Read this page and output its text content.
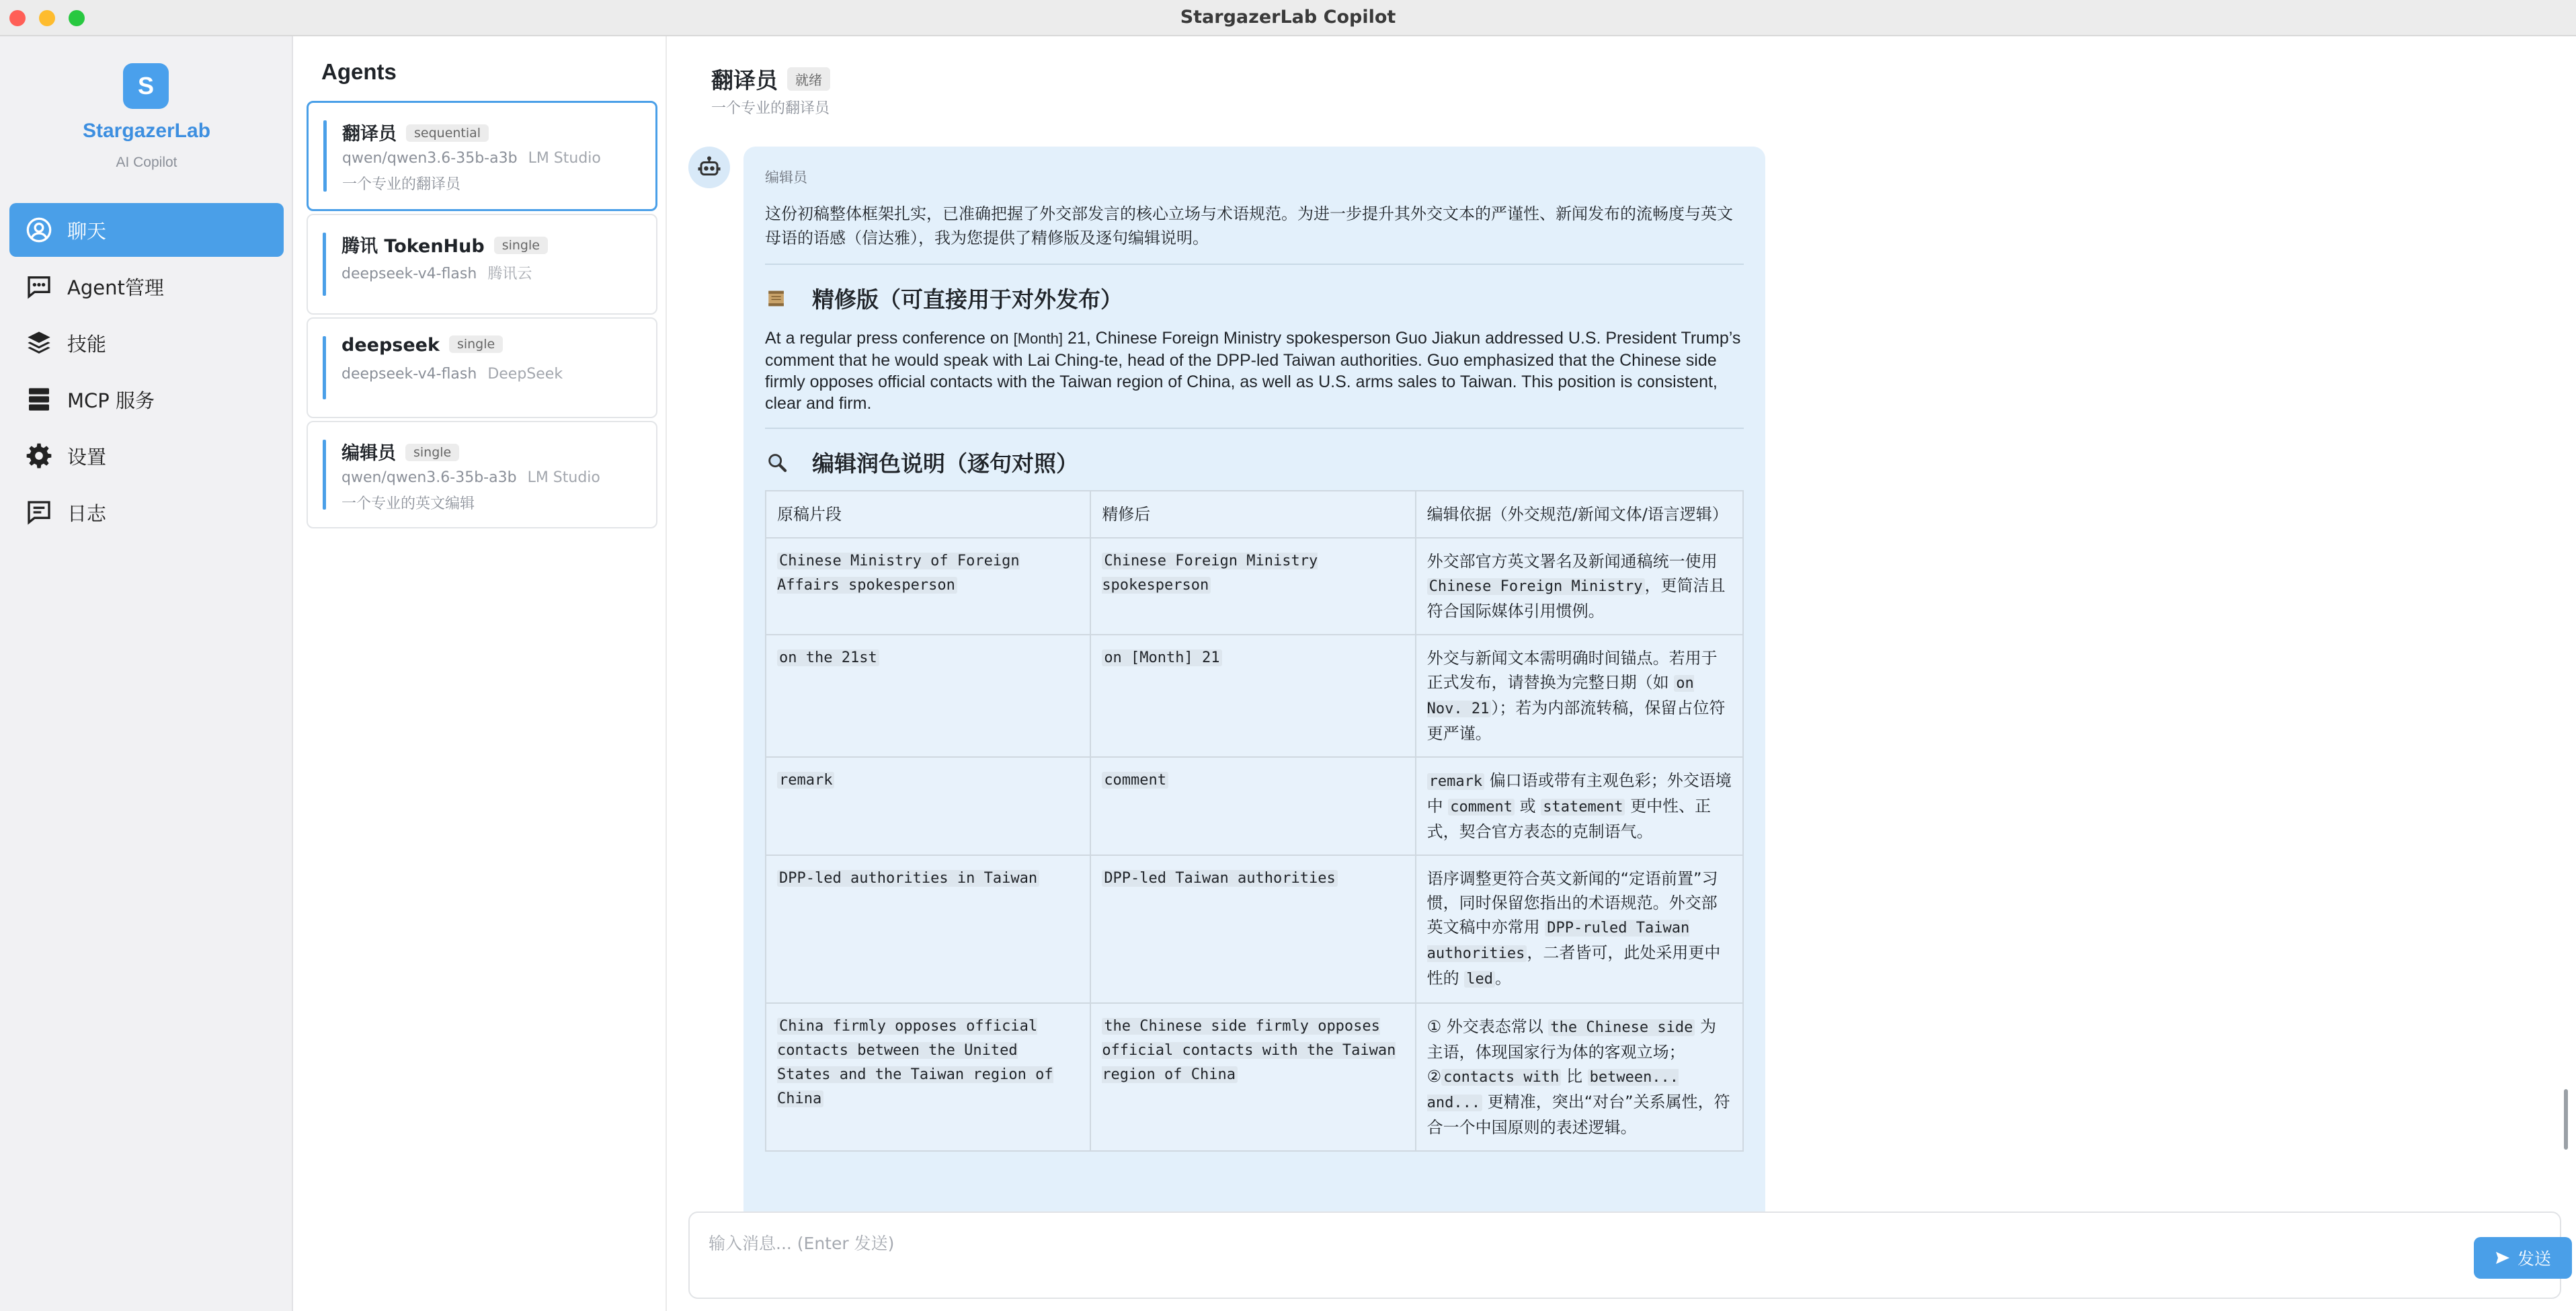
StargazerLab Copilot
S
StargazerLab
AI Copilot
聊天
Agent管理
技能
MCP 服务
设置
日志
Agents
翻译员 sequential
qwen/qwen3.6-35b-a3b LM Studio
一个专业的翻译员
腾讯 TokenHub single
deepseek-v4-flash 腾讯云
deepseek single
deepseek-v4-flash DeepSeek
编辑员 single
qwen/qwen3.6-35b-a3b LM Studio
一个专业的英文编辑
翻译员 就绪
一个专业的翻译员
编辑员
这份初稿整体框架扎实，已准确把握了外交部发言的核心立场与术语规范。为进一步提升其外交文本的严谨性、新闻发布的流畅度与英文母语的语感（信达雅），我为您提供了精修版及逐句编辑说明。
精修版（可直接用于对外发布）
At a regular press conference on [Month] 21, Chinese Foreign Ministry spokesperson Guo Jiakun addressed U.S. President Trump’s comment that he would speak with Lai Ching-te, head of the DPP-led Taiwan authorities. Guo emphasized that the Chinese side firmly opposes official contacts with the Taiwan region of China, as well as U.S. arms sales to Taiwan. This position is consistent, clear and firm.
编辑润色说明（逐句对照）
原稿片段	精修后	编辑依据（外交规范/新闻文体/语言逻辑）
Chinese Ministry of Foreign Affairs spokesperson	Chinese Foreign Ministry spokesperson	外交部官方英文署名及新闻通稿统一使用 Chinese Foreign Ministry ，更简洁且符合国际媒体引用惯例。
on the 21st	on [Month] 21	外交与新闻文本需明确时间锚点。若用于正式发布，请替换为完整日期（如 on Nov. 21 ）；若为内部流转稿，保留占位符更严谨。
remark	comment	remark 偏口语或带有主观色彩；外交语境中 comment 或 statement 更中性、正式，契合官方表态的克制语气。
DPP-led authorities in Taiwan	DPP-led Taiwan authorities	语序调整更符合英文新闻的“定语前置”习惯，同时保留您指出的术语规范。外交部英文稿中亦常用 DPP-ruled Taiwan authorities ，二者皆可，此处采用更中性的 led 。
China firmly opposes official contacts between the United States and the Taiwan region of China	the Chinese side firmly opposes official contacts with the Taiwan region of China	① 外交表态常以 the Chinese side 为主语，体现国家行为体的客观立场；② contacts with 比 between... and... 更精准，突出“对台”关系属性，符合一个中国原则的表述逻辑。
输入消息... (Enter 发送)
发送
